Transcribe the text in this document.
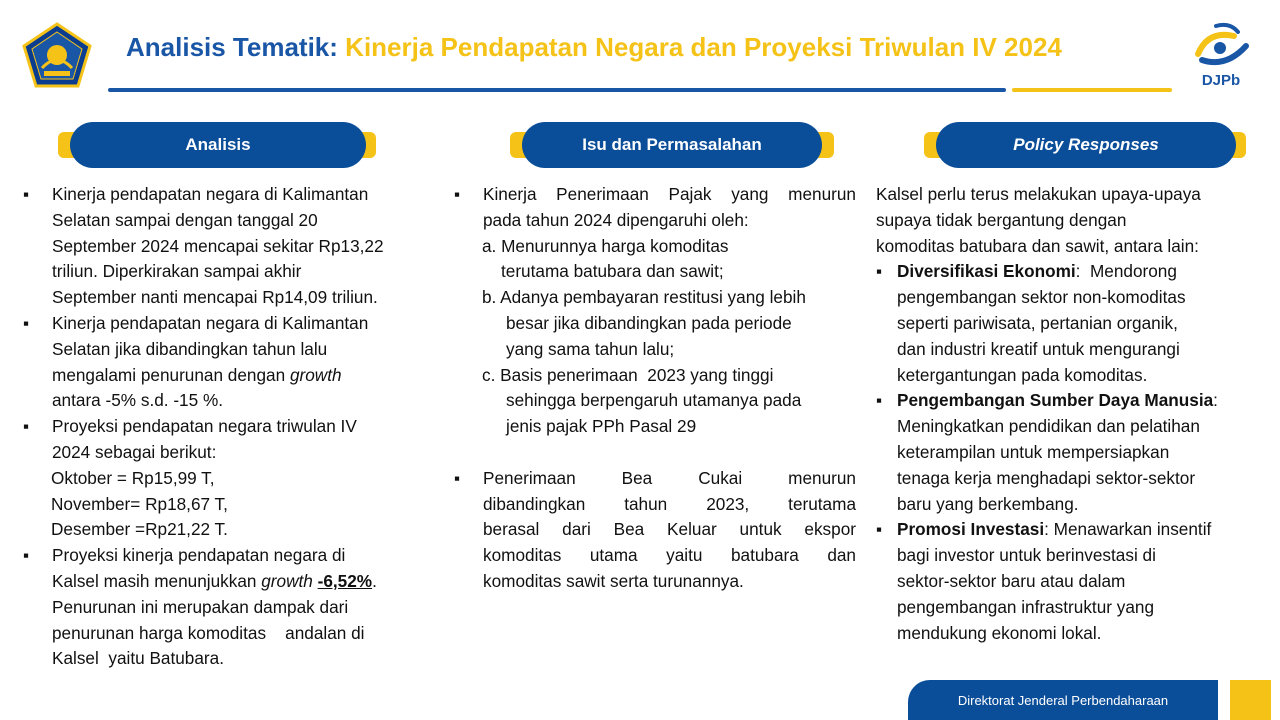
Analisis Tematik: Kinerja Pendapatan Negara dan Proyeksi Triwulan IV 2024
DJPb
Analisis	Isu dan Permasalahan	Policy Responses
▪ Kinerja pendapatan negara di Kalimantan
Selatan sampai dengan tanggal 20
September 2024 mencapai sekitar Rp13,22
triliun. Diperkirakan sampai akhir
September nanti mencapai Rp14,09 triliun.
▪ Kinerja pendapatan negara di Kalimantan
Selatan jika dibandingkan tahun lalu
mengalami penurunan dengan growth
antara -5% s.d. -15 %.
▪ Proyeksi pendapatan negara triwulan IV
2024 sebagai berikut:
Oktober = Rp15,99 T,
November= Rp18,67 T,
Desember =Rp21,22 T.
▪ Proyeksi kinerja pendapatan negara di
Kalsel masih menunjukkan growth -6,52%.
Penurunan ini merupakan dampak dari
penurunan harga komoditas    andalan di
Kalsel  yaitu Batubara.
▪ Kinerja Penerimaan Pajak yang menurun
pada tahun 2024 dipengaruhi oleh:
a. Menurunnya harga komoditas
terutama batubara dan sawit;
b. Adanya pembayaran restitusi yang lebih
besar jika dibandingkan pada periode
yang sama tahun lalu;
c. Basis penerimaan  2023 yang tinggi
sehingga berpengaruh utamanya pada
jenis pajak PPh Pasal 29
▪ Penerimaan Bea Cukai menurun
dibandingkan tahun 2023, terutama
berasal dari Bea Keluar untuk ekspor
komoditas utama yaitu batubara dan
komoditas sawit serta turunannya.
Kalsel perlu terus melakukan upaya-upaya
supaya tidak bergantung dengan
komoditas batubara dan sawit, antara lain:
▪ Diversifikasi Ekonomi:  Mendorong
pengembangan sektor non-komoditas
seperti pariwisata, pertanian organik,
dan industri kreatif untuk mengurangi
ketergantungan pada komoditas.
▪ Pengembangan Sumber Daya Manusia:
Meningkatkan pendidikan dan pelatihan
keterampilan untuk mempersiapkan
tenaga kerja menghadapi sektor-sektor
baru yang berkembang.
▪ Promosi Investasi: Menawarkan insentif
bagi investor untuk berinvestasi di
sektor-sektor baru atau dalam
pengembangan infrastruktur yang
mendukung ekonomi lokal.
Direktorat Jenderal Perbendaharaan
